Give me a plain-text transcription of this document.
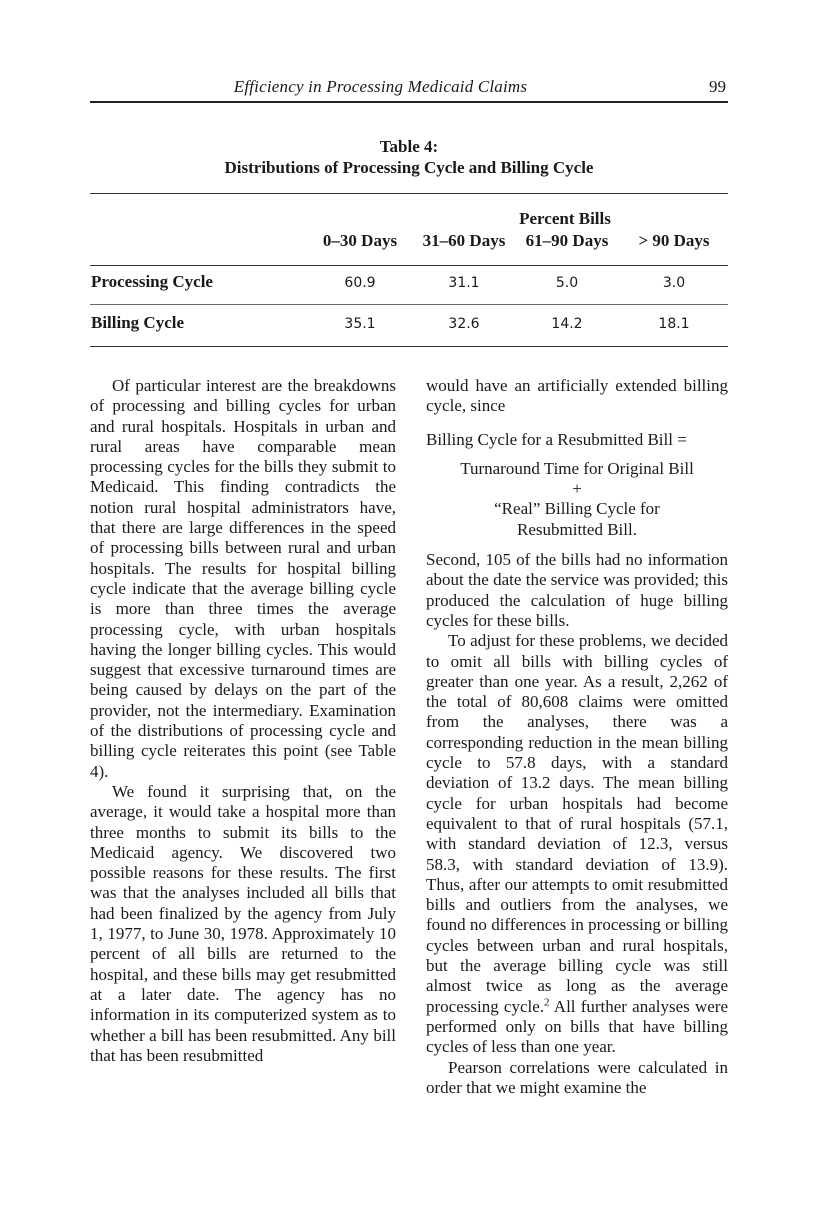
Efficiency in Processing Medicaid Claims	99
Table 4:
Distributions of Processing Cycle and Billing Cycle
Percent Bills
0–30 Days	31–60 Days	61–90 Days	> 90 Days
Processing Cycle	60.9	31.1	5.0	3.0
Billing Cycle	35.1	32.6	14.2	18.1

Of particular interest are the breakdowns of processing and billing cycles for urban and rural hospitals. Hospitals in urban and rural areas have comparable mean processing cycles for the bills they submit to Medicaid. This finding contradicts the notion rural hospital administrators have, that there are large differences in the speed of processing bills between rural and urban hospitals. The results for hospital billing cycle indicate that the average billing cycle is more than three times the average processing cycle, with urban hospitals having the longer billing cycles. This would suggest that excessive turnaround times are being caused by delays on the part of the provider, not the intermediary. Examination of the distributions of processing cycle and billing cycle reiterates this point (see Table 4).

We found it surprising that, on the average, it would take a hospital more than three months to submit its bills to the Medicaid agency. We discovered two possible reasons for these results. The first was that the analyses included all bills that had been finalized by the agency from July 1, 1977, to June 30, 1978. Approximately 10 percent of all bills are returned to the hospital, and these bills may get resubmitted at a later date. The agency has no information in its computerized system as to whether a bill has been resubmitted. Any bill that has been resubmitted

would have an artificially extended billing cycle, since

Billing Cycle for a Resubmitted Bill =

Turnaround Time for Original Bill

+

“Real” Billing Cycle for

Resubmitted Bill.

Second, 105 of the bills had no information about the date the service was provided; this produced the calculation of huge billing cycles for these bills.

To adjust for these problems, we decided to omit all bills with billing cycles of greater than one year. As a result, 2,262 of the total of 80,608 claims were omitted from the analyses, there was a corresponding reduction in the mean billing cycle to 57.8 days, with a standard deviation of 13.2 days. The mean billing cycle for urban hospitals had become equivalent to that of rural hospitals (57.1, with standard deviation of 12.3, versus 58.3, with standard deviation of 13.9). Thus, after our attempts to omit resubmitted bills and outliers from the analyses, we found no differences in processing or billing cycles between urban and rural hospitals, but the average billing cycle was still almost twice as long as the average processing cycle.$^2$ All further analyses were performed only on bills that have billing cycles of less than one year.

Pearson correlations were calculated in order that we might examine the
